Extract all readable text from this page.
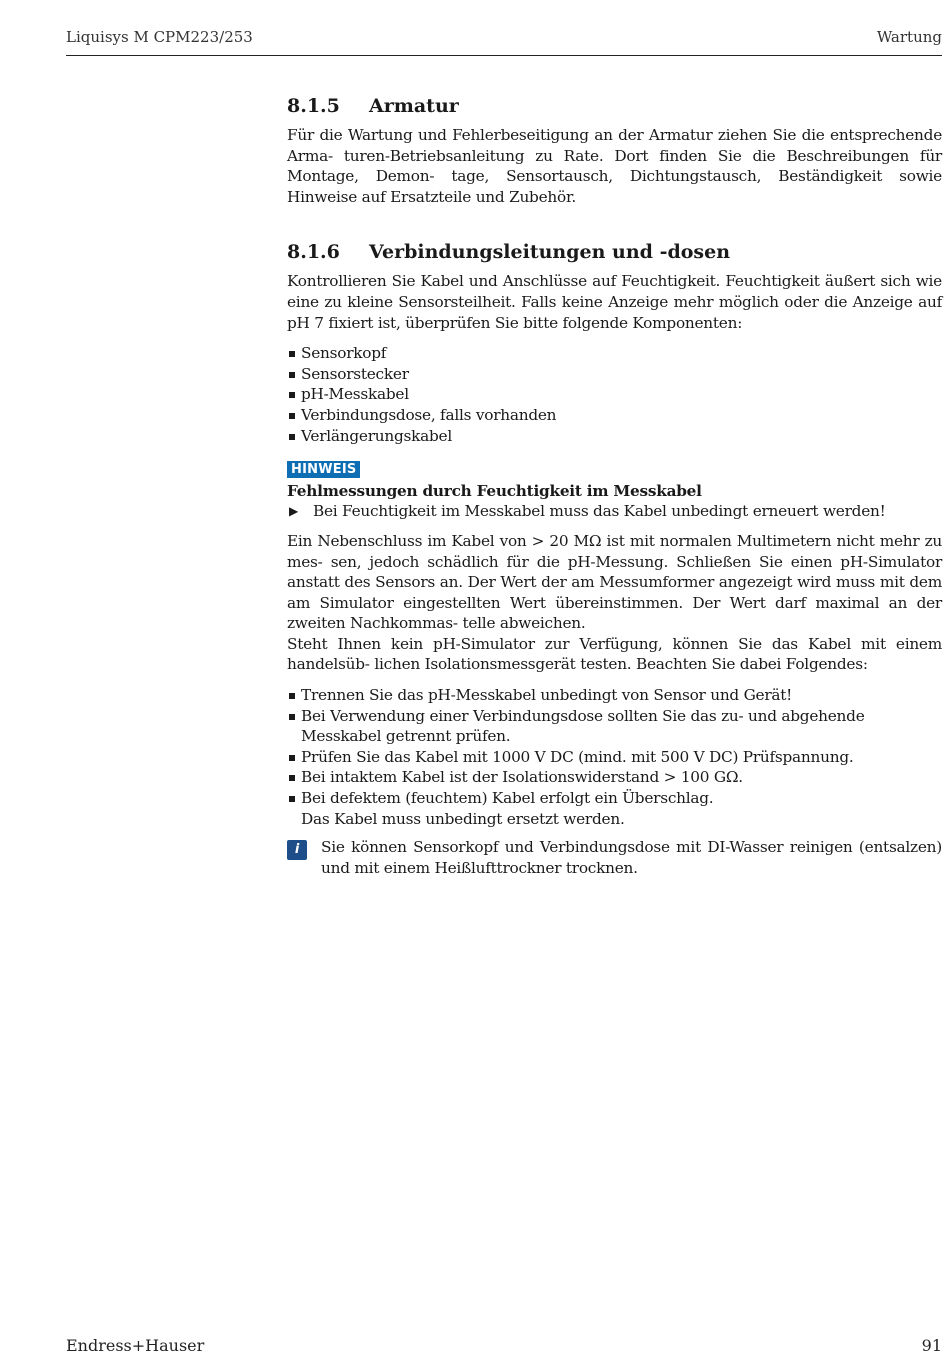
Liquisys M CPM223/253	Wartung
8.1.5	Armatur

Für die Wartung und Fehlerbeseitigung an der Armatur ziehen Sie die entsprechende Arma- turen-Betriebsanleitung zu Rate. Dort finden Sie die Beschreibungen für Montage, Demon- tage, Sensortausch, Dichtungstausch, Beständigkeit sowie Hinweise auf Ersatzteile und Zubehör.

8.1.6	Verbindungsleitungen und -dosen

Kontrollieren Sie Kabel und Anschlüsse auf Feuchtigkeit. Feuchtigkeit äußert sich wie eine zu kleine Sensorsteilheit. Falls keine Anzeige mehr möglich oder die Anzeige auf pH 7 fixiert ist, überprüfen Sie bitte folgende Komponenten:

Sensorkopf
Sensorstecker
pH-Messkabel
Verbindungsdose, falls vorhanden
Verlängerungskabel
HINWEIS
Fehlmessungen durch Feuchtigkeit im Messkabel
▶ Bei Feuchtigkeit im Messkabel muss das Kabel unbedingt erneuert werden!

Ein Nebenschluss im Kabel von > 20 MΩ ist mit normalen Multimetern nicht mehr zu mes- sen, jedoch schädlich für die pH-Messung. Schließen Sie einen pH-Simulator anstatt des Sensors an. Der Wert der am Messumformer angezeigt wird muss mit dem am Simulator eingestellten Wert übereinstimmen. Der Wert darf maximal an der zweiten Nachkommas- telle abweichen.
Steht Ihnen kein pH-Simulator zur Verfügung, können Sie das Kabel mit einem handelsüb- lichen Isolationsmessgerät testen. Beachten Sie dabei Folgendes:

Trennen Sie das pH-Messkabel unbedingt von Sensor und Gerät!
Bei Verwendung einer Verbindungsdose sollten Sie das zu- und abgehende Messkabel getrennt prüfen.
Prüfen Sie das Kabel mit 1000 V DC (mind. mit 500 V DC) Prüfspannung.
Bei intaktem Kabel ist der Isolationswiderstand > 100 GΩ.
Bei defektem (feuchtem) Kabel erfolgt ein Überschlag.
Das Kabel muss unbedingt ersetzt werden.
i	Sie können Sensorkopf und Verbindungsdose mit DI-Wasser reinigen (entsalzen) und mit einem Heißlufttrockner trocknen.
Endress+Hauser	91
